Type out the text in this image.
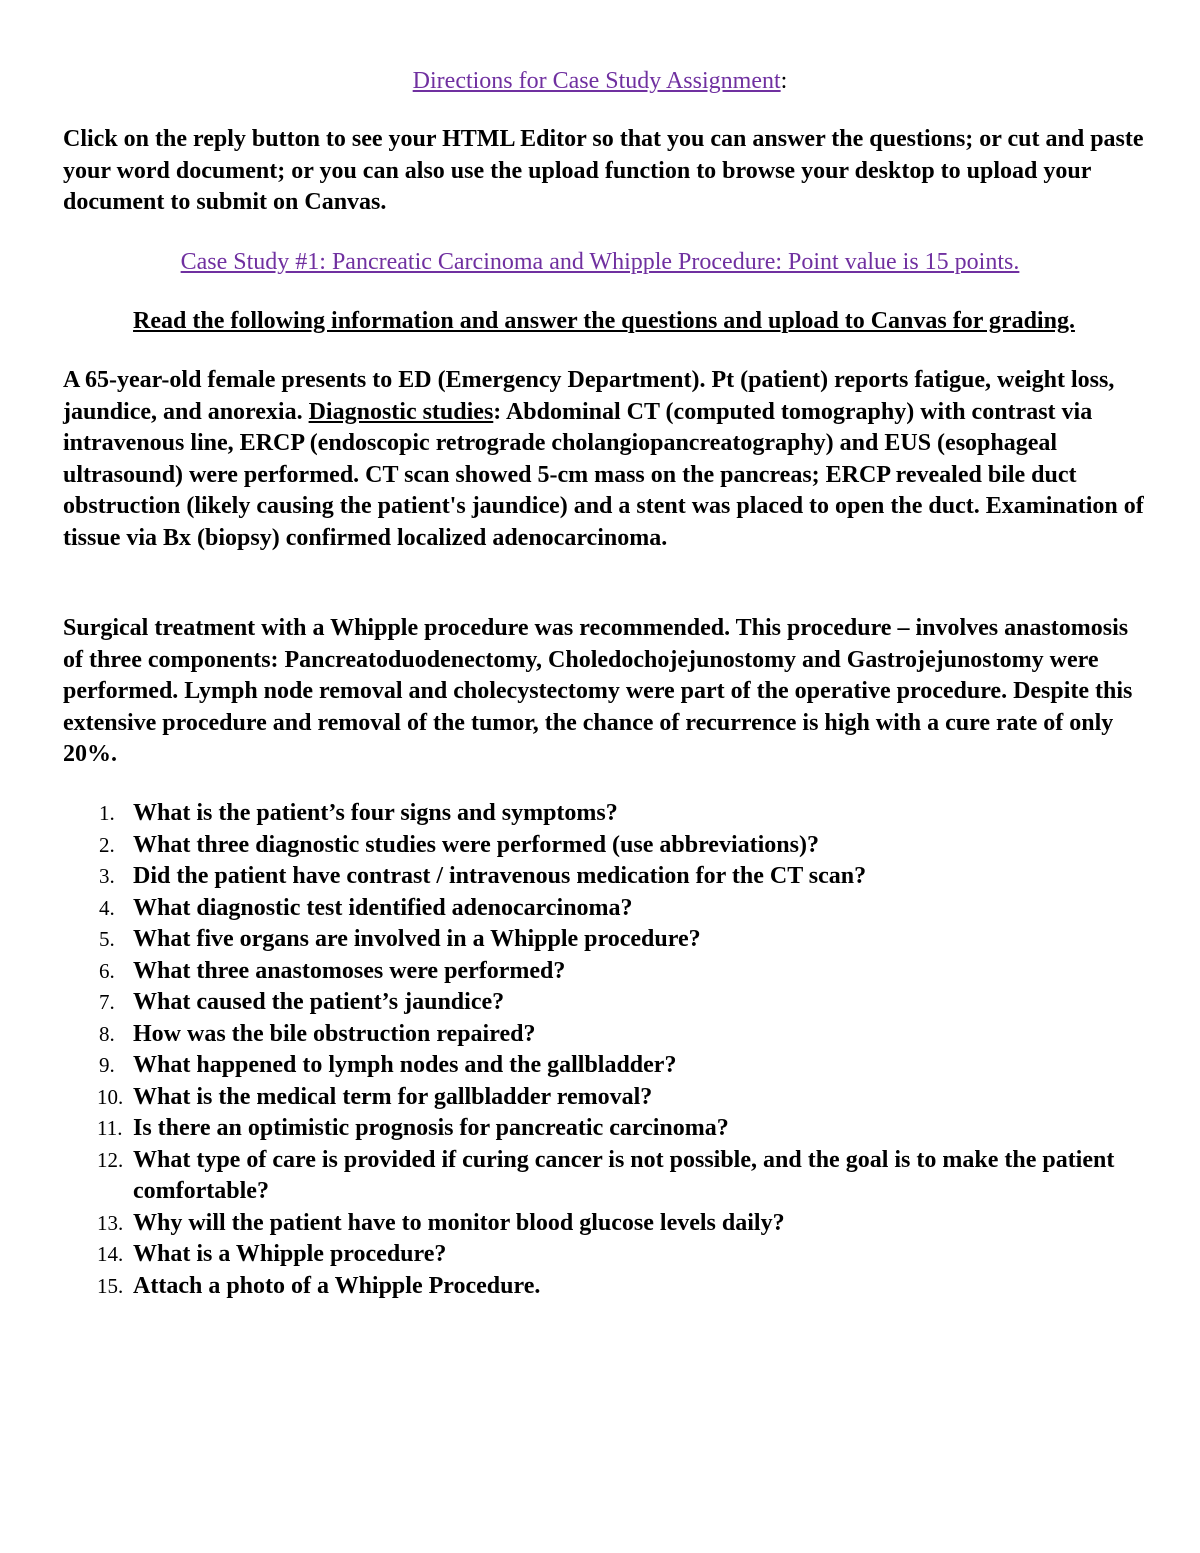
Directions for Case Study Assignment:
Click on the reply button to see your HTML Editor so that you can answer the questions; or cut and paste your word document; or you can also use the upload function to browse your desktop to upload your document to submit on Canvas.
Case Study #1: Pancreatic Carcinoma and Whipple Procedure: Point value is 15 points.
Read the following information and answer the questions and upload to Canvas for grading.
A 65-year-old female presents to ED (Emergency Department). Pt (patient) reports fatigue, weight loss, jaundice, and anorexia. Diagnostic studies: Abdominal CT (computed tomography) with contrast via intravenous line, ERCP (endoscopic retrograde cholangiopancreatography) and EUS (esophageal ultrasound) were performed. CT scan showed 5-cm mass on the pancreas; ERCP revealed bile duct obstruction (likely causing the patient's jaundice) and a stent was placed to open the duct. Examination of tissue via Bx (biopsy) confirmed localized adenocarcinoma.
Surgical treatment with a Whipple procedure was recommended. This procedure – involves anastomosis of three components: Pancreatoduodenectomy, Choledochojejunostomy and Gastrojejunostomy were performed. Lymph node removal and cholecystectomy were part of the operative procedure. Despite this extensive procedure and removal of the tumor, the chance of recurrence is high with a cure rate of only 20%.
1. What is the patient’s four signs and symptoms?
2. What three diagnostic studies were performed (use abbreviations)?
3. Did the patient have contrast / intravenous medication for the CT scan?
4. What diagnostic test identified adenocarcinoma?
5. What five organs are involved in a Whipple procedure?
6. What three anastomoses were performed?
7. What caused the patient’s jaundice?
8. How was the bile obstruction repaired?
9. What happened to lymph nodes and the gallbladder?
10. What is the medical term for gallbladder removal?
11. Is there an optimistic prognosis for pancreatic carcinoma?
12. What type of care is provided if curing cancer is not possible, and the goal is to make the patient comfortable?
13. Why will the patient have to monitor blood glucose levels daily?
14. What is a Whipple procedure?
15. Attach a photo of a Whipple Procedure.
